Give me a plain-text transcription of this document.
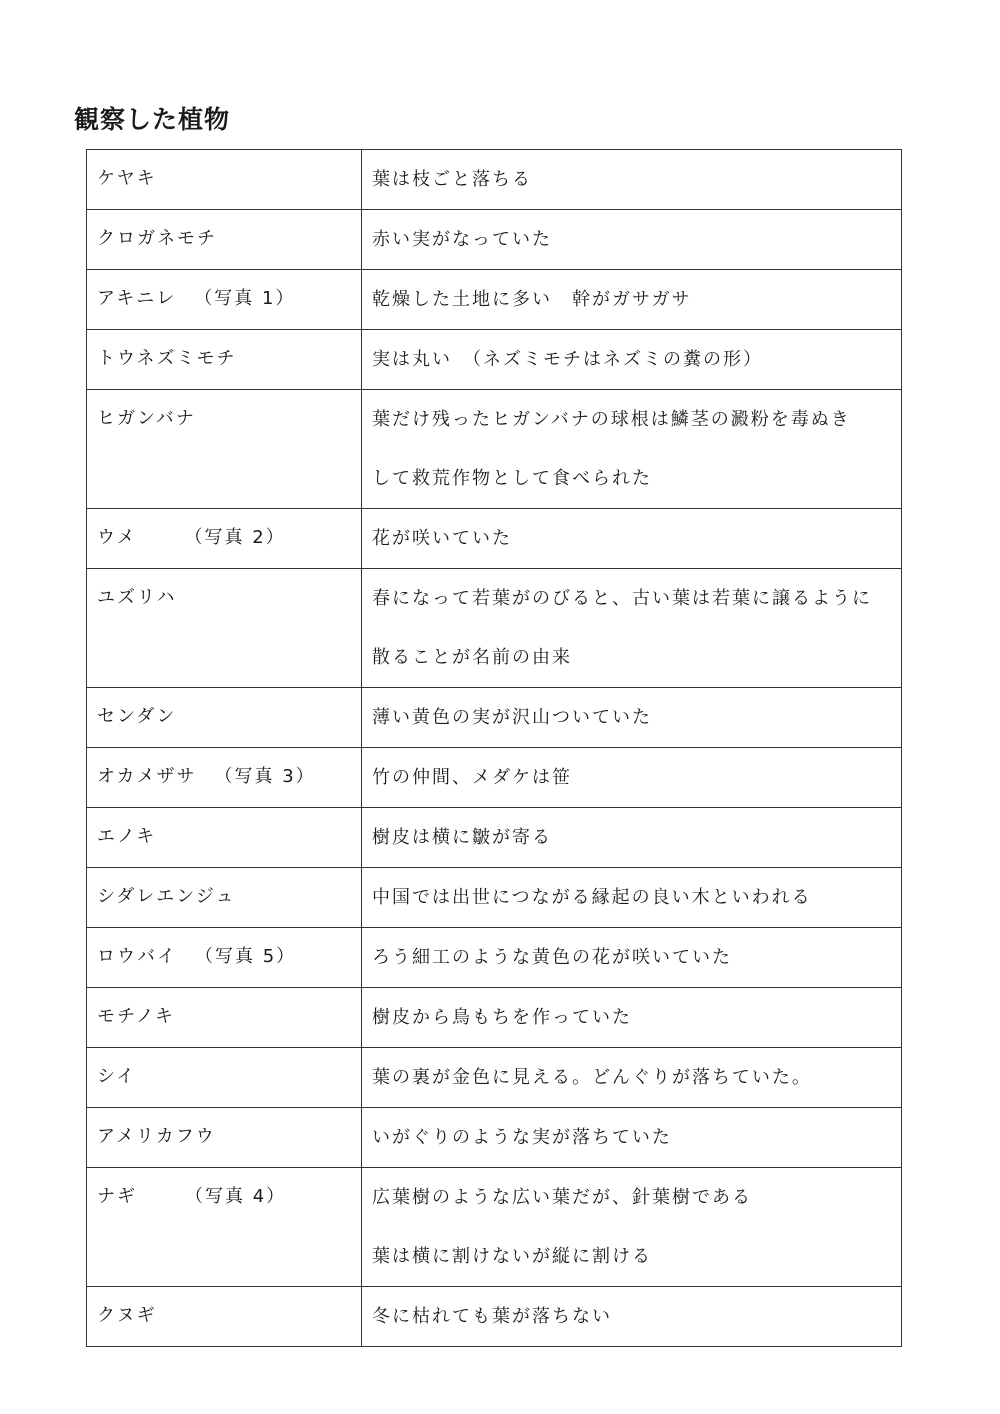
観察した植物
ケヤキ	葉は枝ごと落ちる

クロガネモチ	赤い実がなっていた

アキニレ （写真 1）	乾燥した土地に多い　幹がガサガサ

トウネズミモチ	実は丸い　（ネズミモチはネズミの糞の形）

ヒガンバナ	葉だけ残ったヒガンバナの球根は鱗茎の澱粉を毒ぬき
して救荒作物として食べられた

ウメ （写真 2）	花が咲いていた

ユズリハ	春になって若葉がのびると、古い葉は若葉に譲るように
散ることが名前の由来

センダン	薄い黄色の実が沢山ついていた

オカメザサ （写真 3）	竹の仲間、メダケは笹

エノキ	樹皮は横に皺が寄る

シダレエンジュ	中国では出世につながる縁起の良い木といわれる

ロウバイ （写真 5）	ろう細工のような黄色の花が咲いていた

モチノキ	樹皮から鳥もちを作っていた

シイ	葉の裏が金色に見える。どんぐりが落ちていた。

アメリカフウ	いがぐりのような実が落ちていた

ナギ （写真 4）	広葉樹のような広い葉だが、針葉樹である
葉は横に割けないが縦に割ける

クヌギ	冬に枯れても葉が落ちない
